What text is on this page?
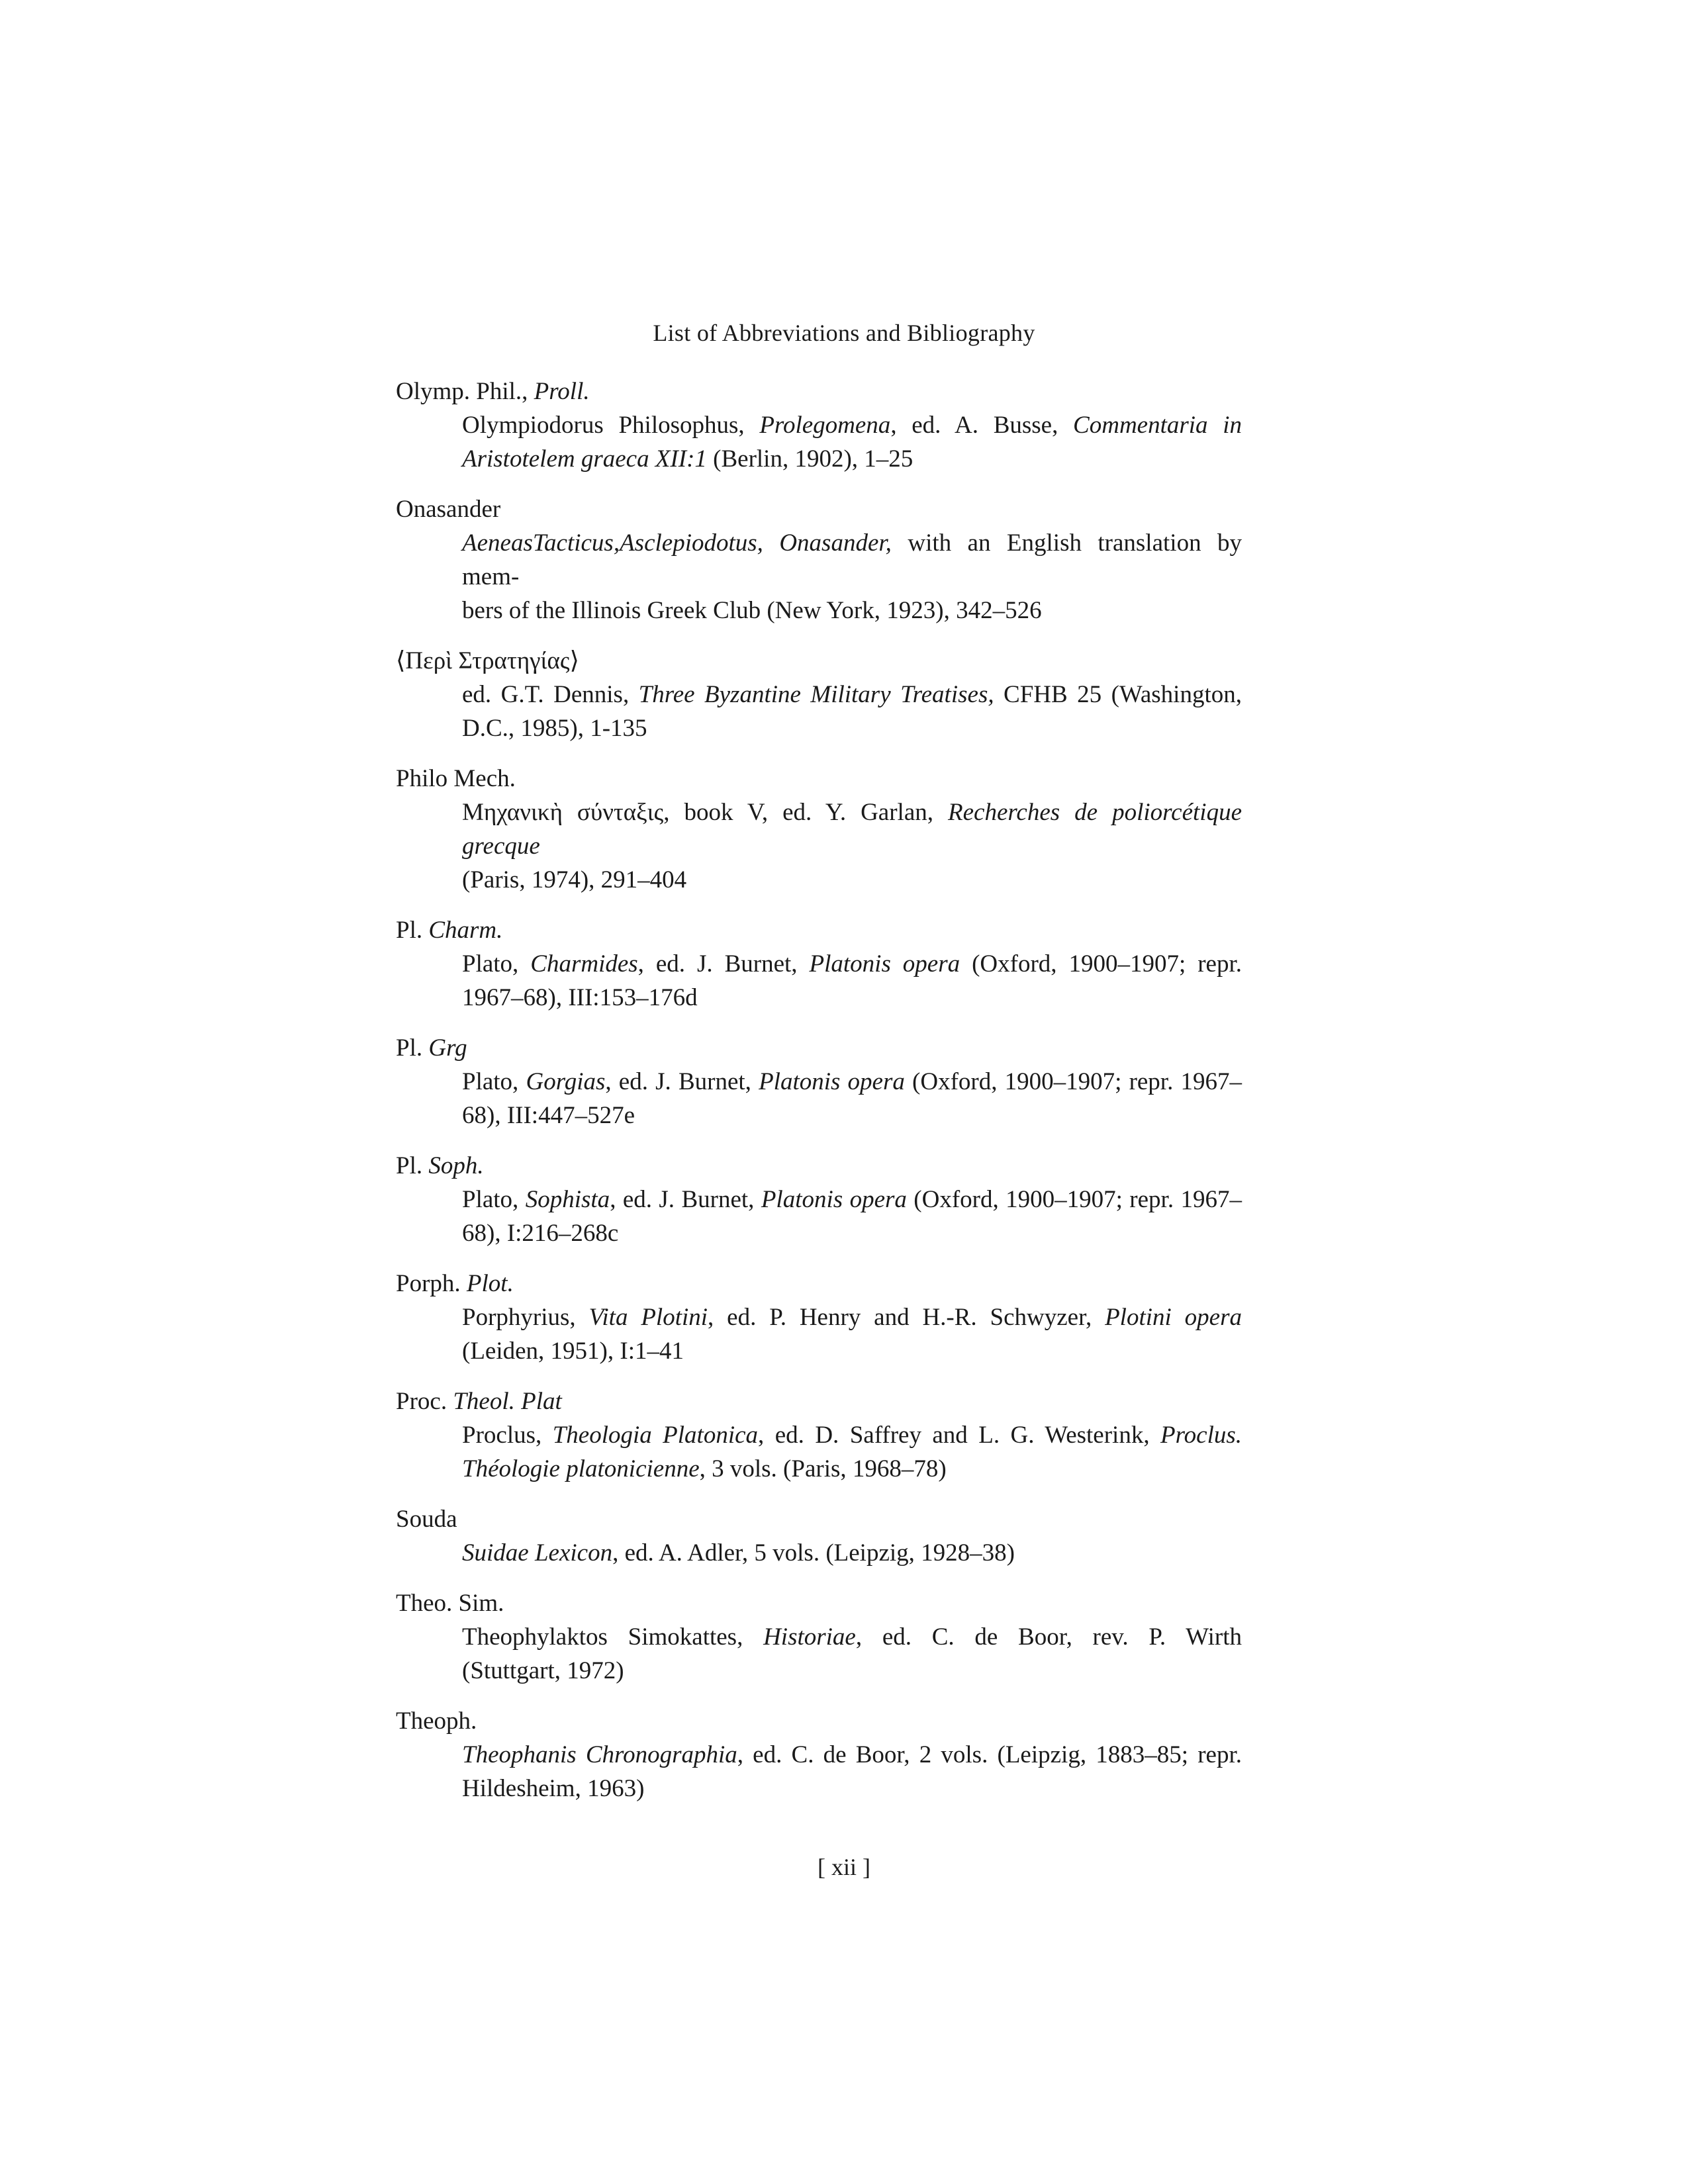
List of Abbreviations and Bibliography
Olymp. Phil., Proll.
Olympiodorus Philosophus, Prolegomena, ed. A. Busse, Commentaria in
Aristotelem graeca XII:1 (Berlin, 1902), 1–25
Onasander
AeneasTacticus,Asclepiodotus, Onasander, with an English translation by mem-
bers of the Illinois Greek Club (New York, 1923), 342–526
⟨Περὶ Στρατηγίας⟩
ed. G.T. Dennis, Three Byzantine Military Treatises, CFHB 25 (Washington,
D.C., 1985), 1-135
Philo Mech.
Μηχανικὴ σύνταξις, book V, ed. Y. Garlan, Recherches de poliorcétique grecque
(Paris, 1974), 291–404
Pl. Charm.
Plato, Charmides, ed. J. Burnet, Platonis opera (Oxford, 1900–1907; repr.
1967–68), III:153–176d
Pl. Grg
Plato, Gorgias, ed. J. Burnet, Platonis opera (Oxford, 1900–1907; repr. 1967–
68), III:447–527e
Pl. Soph.
Plato, Sophista, ed. J. Burnet, Platonis opera (Oxford, 1900–1907; repr. 1967–
68), I:216–268c
Porph. Plot.
Porphyrius, Vita Plotini, ed. P. Henry and H.-R. Schwyzer, Plotini opera
(Leiden, 1951), I:1–41
Proc. Theol. Plat
Proclus, Theologia Platonica, ed. D. Saffrey and L. G. Westerink, Proclus.
Théologie platonicienne, 3 vols. (Paris, 1968–78)
Souda
Suidae Lexicon, ed. A. Adler, 5 vols. (Leipzig, 1928–38)
Theo. Sim.
Theophylaktos Simokattes, Historiae, ed. C. de Boor, rev. P. Wirth
(Stuttgart, 1972)
Theoph.
Theophanis Chronographia, ed. C. de Boor, 2 vols. (Leipzig, 1883–85; repr.
Hildesheim, 1963)
[ xii ]
